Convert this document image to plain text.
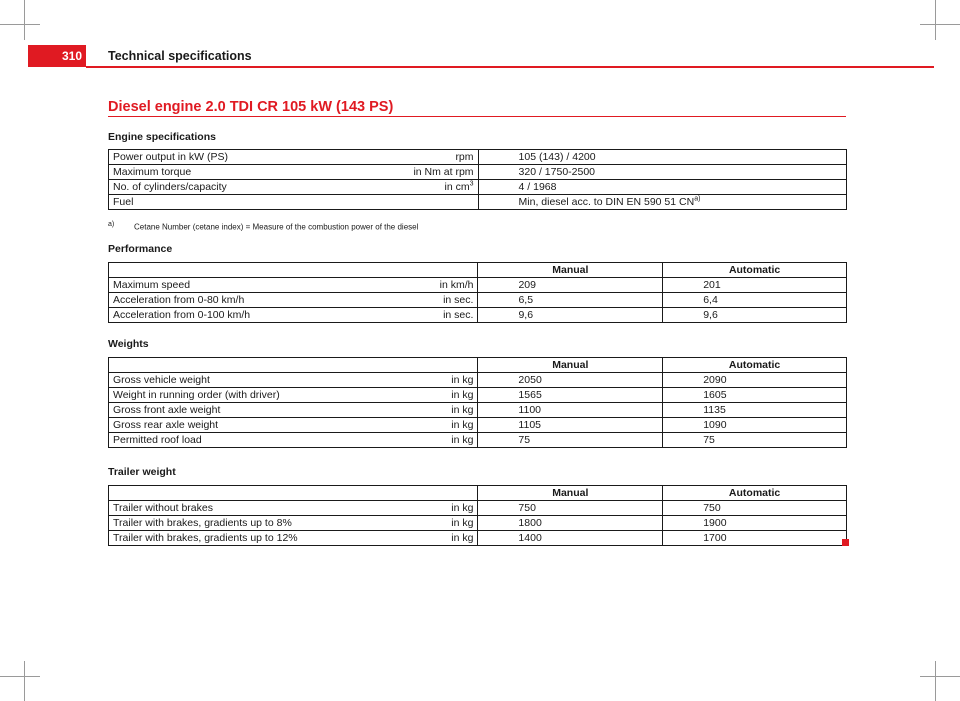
310	Technical specifications
Diesel engine 2.0 TDI CR 105 kW (143 PS)
Engine specifications
Power output in kW (PS) rpm	105 (143) / 4200

Maximum torque in Nm at rpm	320 / 1750-2500

No. of cylinders/capacity in $cm^3$	4 / 1968

Fuel	Min, diesel acc. to DIN EN 590 51 CN$^{a)}$
a) Cetane Number (cetane index) = Measure of the combustion power of the diesel
Performance
	Manual	Automatic

Maximum speed in km/h	209	201

Acceleration from 0-80 km/h in sec.	6,5	6,4

Acceleration from 0-100 km/h in sec.	9,6	9,6
Weights
	Manual	Automatic

Gross vehicle weight in kg	2050	2090

Weight in running order (with driver) in kg	1565	1605

Gross front axle weight in kg	1100	1135

Gross rear axle weight in kg	1105	1090

Permitted roof load in kg	75	75
Trailer weight
	Manual	Automatic

Trailer without brakes in kg	750	750

Trailer with brakes, gradients up to 8% in kg	1800	1900

Trailer with brakes, gradients up to 12% in kg	1400	1700
